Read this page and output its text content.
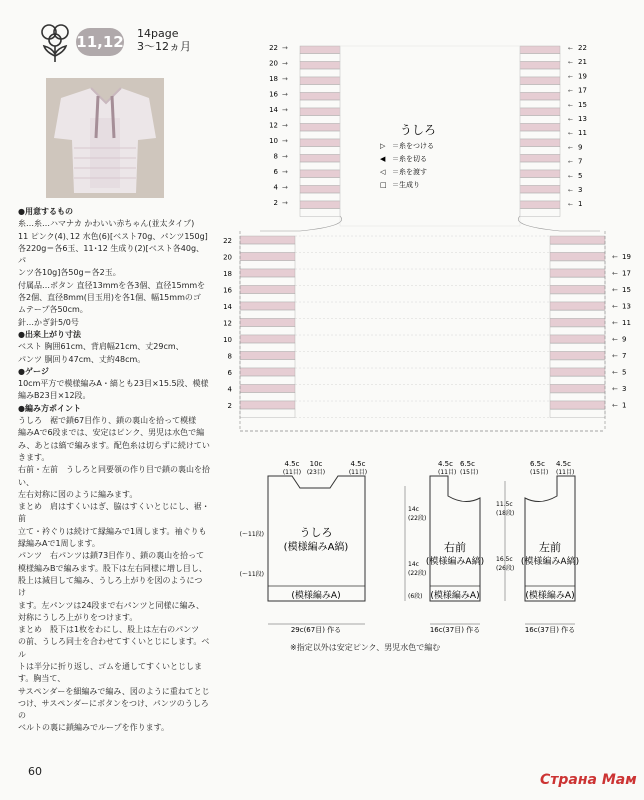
11,12 14page
3〜12ヵ月

●用意するもの

糸…糸…ハマナカ かわいい赤ちゃん(並太タイプ)

11 ピンク(4)､12 水色(6)[ベスト70g、パンツ150g]

各220g＝各6玉、11･12 生成り(2)[ベスト各40g、パ

ンツ各10g]各50g＝各2玉。

付属品…ボタン 直径13mmを各3個、直径15mmを

各2個、直径8mm(目玉用)を各1個、幅15mmのゴ

ムテープ各50cm。

針…かぎ針5/0号

●出来上がり寸法

ベスト 胸囲61cm、背肩幅21cm、丈29cm、

パンツ 胴回り47cm、丈約48cm。

●ゲージ

10cm平方で模様編みA・縞とも23目×15.5段、模様

編みB23目×12段。

●編み方ポイント

うしろ　裾で鎖67目作り、鎖の裏山を拾って模様

編みAで6段までは、安定はピンク、男児は水色で編

み、あとは縞で編みます。配色糸は切らずに続けてい

きます。

右前・左前　うしろと同要領の作り目で鎖の裏山を拾い、

左右対称に図のように編みます。

まとめ　肩はすくいはぎ、脇はすくいとじにし、裾・前

立て・衿ぐりは続けて縁編みで1周します。袖ぐりも

縁編みAで1周します。

パンツ　右パンツは鎖73目作り、鎖の裏山を拾って

模様編みBで編みます。股下は左右同様に増し目し、

股上は減目して編み、うしろ上がりを図のようにつけ

ます。左パンツは24段まで右パンツと同様に編み、

対称にうしろ上がりをつけます。

まとめ　股下は1枚をわにし、股上は左右のパンツ

の前、うしろ同士を合わせてすくいとじにします。ベル

トは半分に折り返し、ゴムを通してすくいとじします。胸当て、

サスペンダーを細編みで編み、図のように重ねてとじ

つけ、サスペンダーにボタンをつけ、パンツのうしろの

ベルトの裏に鎖編みでループを作ります。

22 →
20 →
18 →
16 →
14 →
12 →
10 →
8 →
6 →
4 →
2 →
← 22
← 21
← 19
← 17
← 15
← 13
← 11
← 9
← 7
← 5
← 3
← 1
22
20
18
16
14
12
10
8
6
4
2
← 19
← 17
← 15
← 13
← 11
← 9
← 7
← 5
← 3
← 1
うしろ
▷ ＝糸をつける
◀ ＝糸を切る
◁ ＝糸を渡す
□ ＝生成り
うしろ
(模様編みA縞)
(模様編みA)
29c(67目) 作る
4.5c 10c	4.5c
(11目) (23目)	(11目)
(ー11段)
(ー11段)
14c
(22段)
14c
(22段)
(6段)
右前
(模様編みA縞)
(模様編みA)
16c(37目) 作る
4.5c 6.5c
(11目) (15目)
11.5c
(18段)
16.5c
(26段)
左前
(模様編みA縞)
(模様編みA)
16c(37目) 作る
6.5c 4.5c
(15目) (11目)
※指定以外は安定ピンク、男児水色で編む
60
Страна Мам
